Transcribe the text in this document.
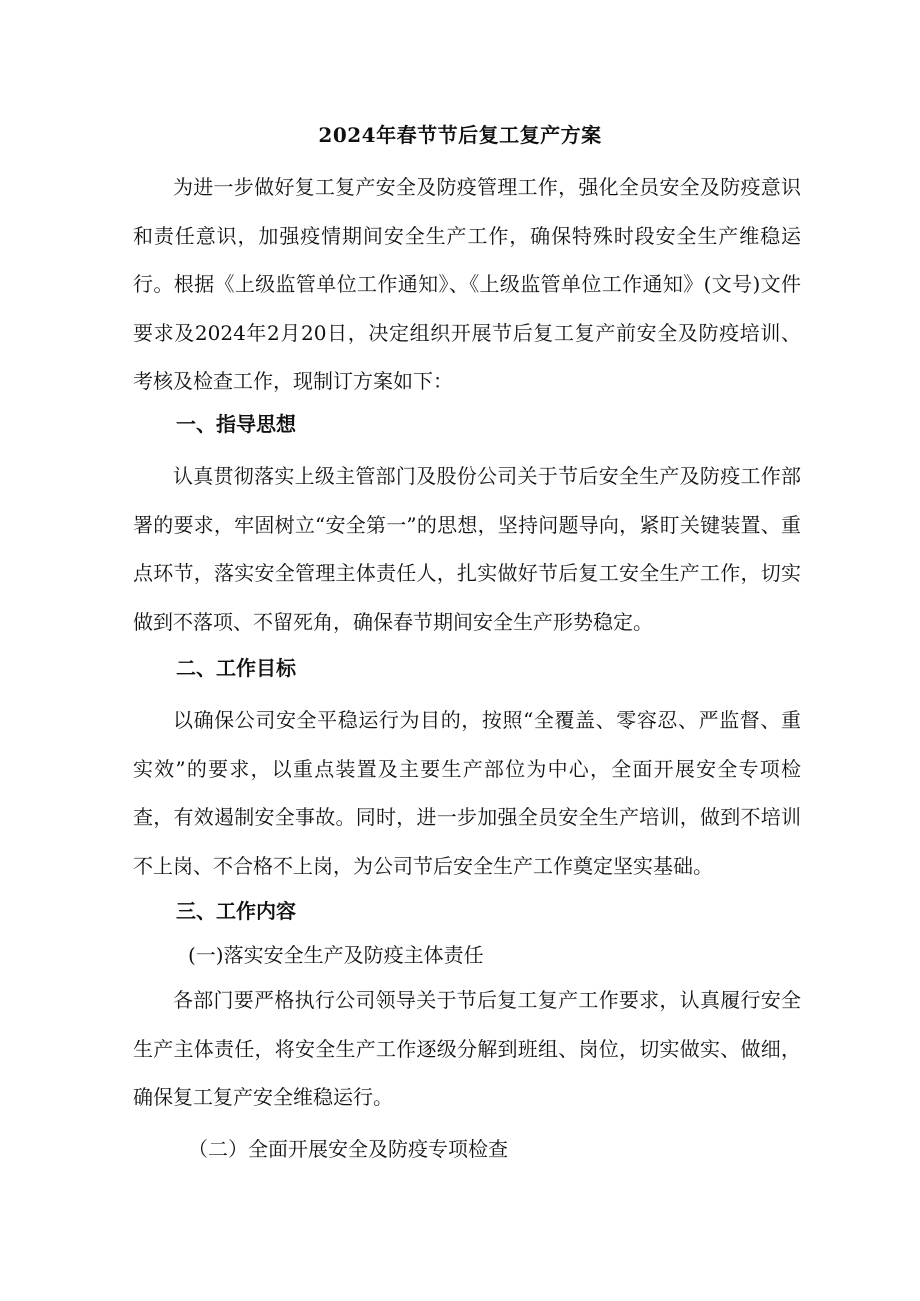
2024年春节节后复工复产方案

为进一步做好复工复产安全及防疫管理工作，强化全员安全及防疫意识和责任意识，加强疫情期间安全生产工作，确保特殊时段安全生产维稳运行。根据《上级监管单位工作通知》、《上级监管单位工作通知》(文号)文件要求及2024年2月20日，决定组织开展节后复工复产前安全及防疫培训、考核及检查工作，现制订方案如下：

一、指导思想

认真贯彻落实上级主管部门及股份公司关于节后安全生产及防疫工作部署的要求，牢固树立“安全第一”的思想，坚持问题导向，紧盯关键装置、重点环节，落实安全管理主体责任人，扎实做好节后复工安全生产工作，切实做到不落项、不留死角，确保春节期间安全生产形势稳定。

二、工作目标

以确保公司安全平稳运行为目的，按照“全覆盖、零容忍、严监督、重实效”的要求，以重点装置及主要生产部位为中心，全面开展安全专项检查，有效遏制安全事故。同时，进一步加强全员安全生产培训，做到不培训不上岗、不合格不上岗，为公司节后安全生产工作奠定坚实基础。

三、工作内容

(一)落实安全生产及防疫主体责任

各部门要严格执行公司领导关于节后复工复产工作要求，认真履行安全生产主体责任，将安全生产工作逐级分解到班组、岗位，切实做实、做细，确保复工复产安全维稳运行。

（二）全面开展安全及防疫专项检查
